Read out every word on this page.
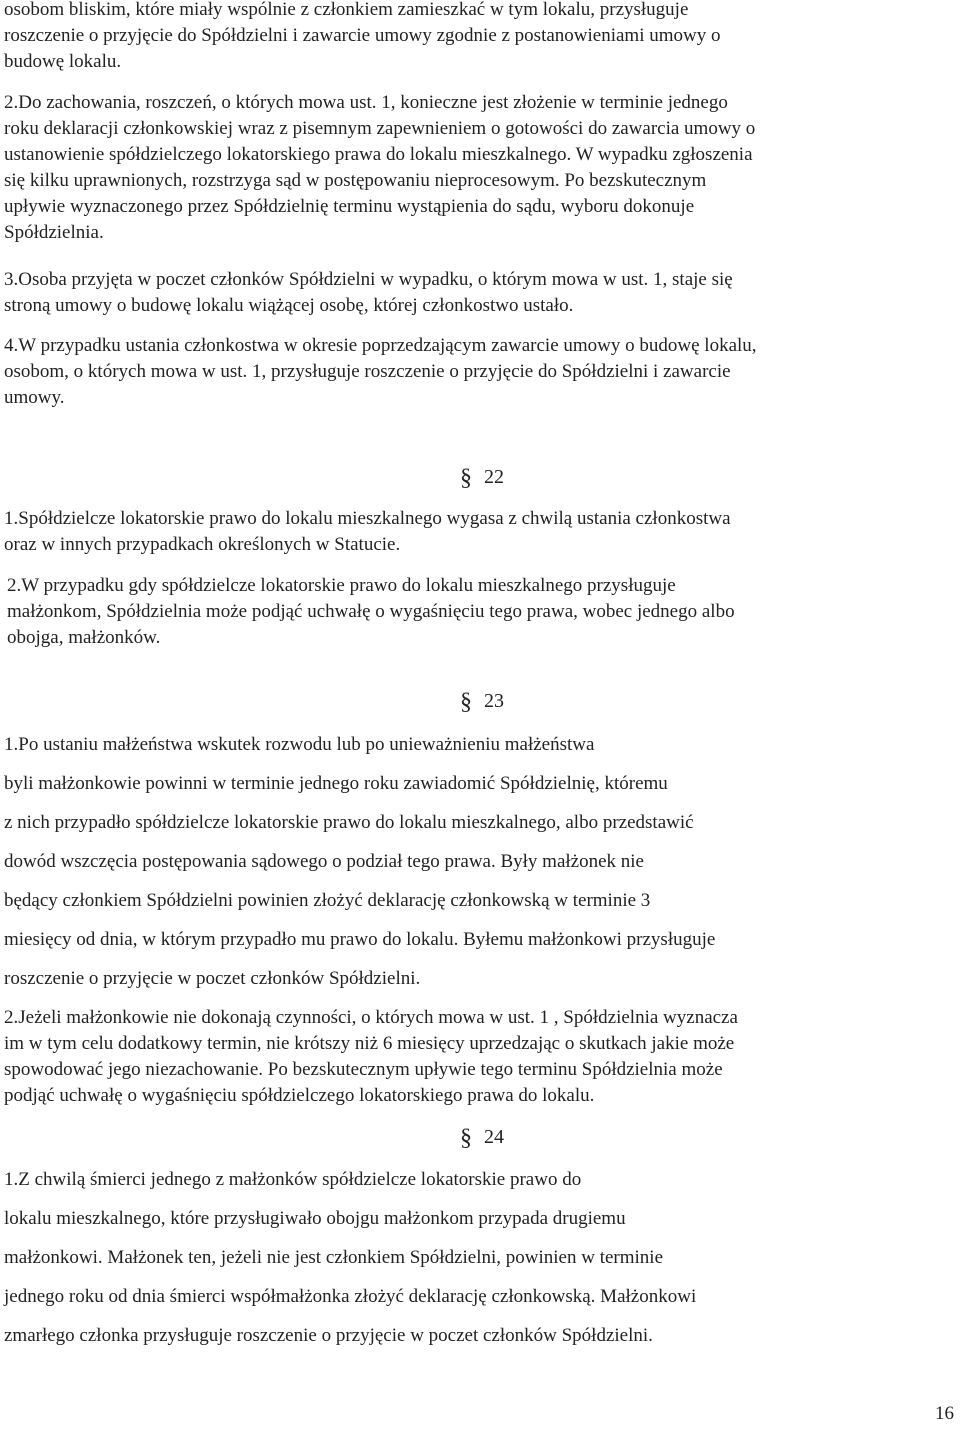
osobom bliskim, które miały wspólnie z członkiem zamieszkać w tym lokalu, przysługuje
roszczenie o przyjęcie do Spółdzielni i zawarcie umowy zgodnie z postanowieniami umowy o
budowę lokalu.
2.Do zachowania, roszczeń, o których mowa ust. 1, konieczne jest złożenie w terminie jednego
roku deklaracji członkowskiej wraz z pisemnym zapewnieniem o gotowości do zawarcia umowy o
ustanowienie spółdzielczego lokatorskiego prawa do lokalu mieszkalnego. W wypadku zgłoszenia
się kilku uprawnionych, rozstrzyga sąd w postępowaniu nieprocesowym. Po bezskutecznym
upływie wyznaczonego przez Spółdzielnię terminu wystąpienia do sądu, wyboru dokonuje
Spółdzielnia.
3.Osoba przyjęta w poczet członków Spółdzielni w wypadku, o którym mowa w ust. 1, staje się
stroną umowy o budowę lokalu wiążącej osobę, której członkostwo ustało.
4.W przypadku ustania członkostwa w okresie poprzedzającym zawarcie umowy o budowę lokalu,
osobom, o których mowa w ust. 1, przysługuje roszczenie o przyjęcie do Spółdzielni i zawarcie
umowy.
§ 22
1.Spółdzielcze lokatorskie prawo do lokalu mieszkalnego wygasa z chwilą ustania członkostwa
oraz w innych przypadkach określonych w Statucie.
2.W przypadku gdy spółdzielcze lokatorskie prawo do lokalu mieszkalnego przysługuje
małżonkom, Spółdzielnia może podjąć uchwałę o wygaśnięciu tego prawa, wobec jednego albo
obojga, małżonków.
§ 23
1.Po ustaniu małżeństwa wskutek rozwodu lub po unieważnieniu małżeństwa
byli małżonkowie powinni w terminie jednego roku zawiadomić Spółdzielnię, któremu
z nich przypadło spółdzielcze lokatorskie prawo do lokalu mieszkalnego, albo przedstawić
dowód wszczęcia postępowania sądowego o podział tego prawa. Były małżonek nie
będący członkiem Spółdzielni powinien złożyć deklarację członkowską w terminie 3
miesięcy od dnia, w którym przypadło mu prawo do lokalu. Byłemu małżonkowi przysługuje
roszczenie o przyjęcie w poczet członków Spółdzielni.
2.Jeżeli małżonkowie nie dokonają czynności, o których mowa w ust. 1 , Spółdzielnia wyznacza
im w tym celu dodatkowy termin, nie krótszy niż 6 miesięcy uprzedzając o skutkach jakie może
spowodować jego niezachowanie. Po bezskutecznym upływie tego terminu Spółdzielnia może
podjąć uchwałę o wygaśnięciu spółdzielczego lokatorskiego prawa do lokalu.
§ 24
1.Z chwilą śmierci jednego z małżonków spółdzielcze lokatorskie prawo do
lokalu mieszkalnego, które przysługiwało obojgu małżonkom przypada drugiemu
małżonkowi. Małżonek ten, jeżeli nie jest członkiem Spółdzielni, powinien w terminie
jednego roku od dnia śmierci współmałżonka złożyć deklarację członkowską. Małżonkowi
zmarłego członka przysługuje roszczenie o przyjęcie w poczet członków Spółdzielni.
16
